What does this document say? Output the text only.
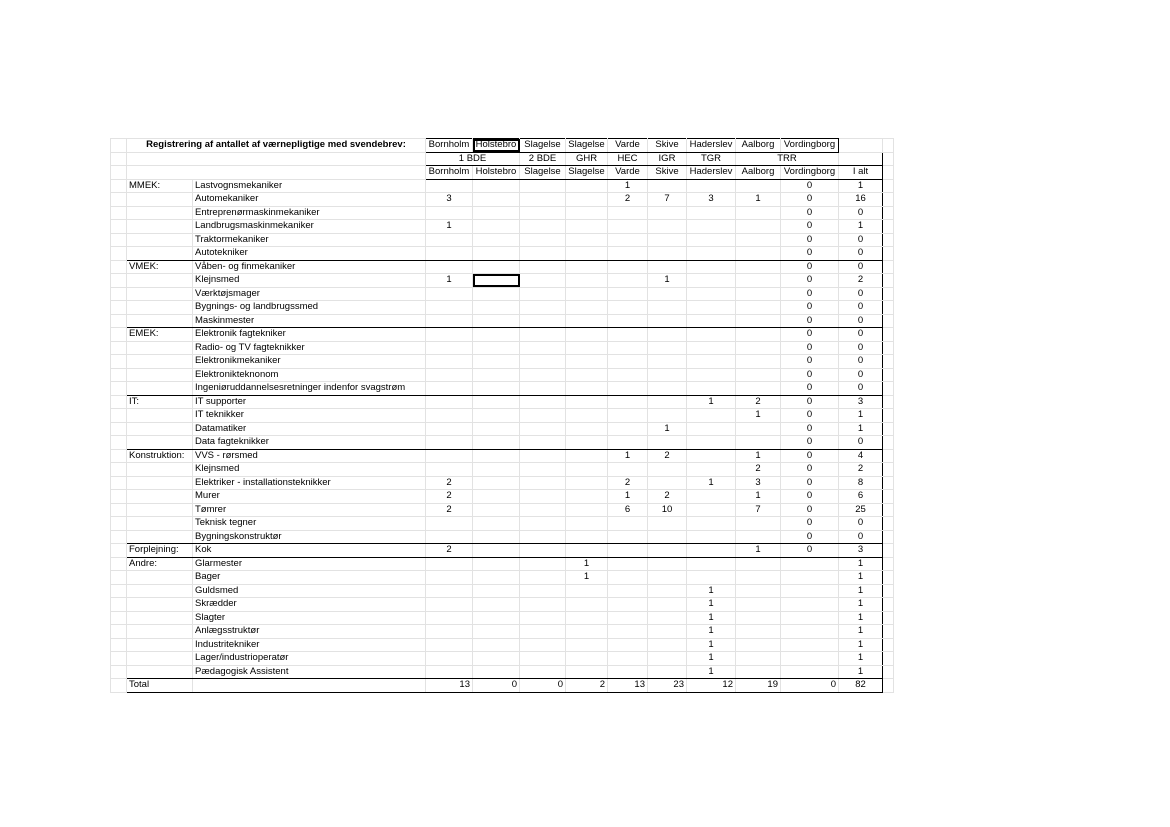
	Registrering af antallet af værnepligtige med svendebrev:		Bornholm	Holstebro	Slagelse	Slagelse	Varde	Skive	Haderslev	Aalborg	Vordingborg		
			1 BDE		2 BDE	GHR	HEC	IGR	TGR	TRR			
			Bornholm	Holstebro	Slagelse	Slagelse	Varde	Skive	Haderslev	Aalborg	Vordingborg	I alt	
	MMEK:	Lastvognsmekaniker					1				0	1	
		Automekaniker	3				2	7	3	1	0	16	
		Entreprenørmaskinmekaniker									0	0	
		Landbrugsmaskinmekaniker	1								0	1	
		Traktormekaniker									0	0	
		Autotekniker									0	0	
	VMEK:	Våben- og finmekaniker									0	0	
		Klejnsmed	1					1			0	2	
		Værktøjsmager									0	0	
		Bygnings- og landbrugssmed									0	0	
		Maskinmester									0	0	
	EMEK:	Elektronik fagtekniker									0	0	
		Radio- og TV fagteknikker									0	0	
		Elektronikmekaniker									0	0	
		Elektronikteknonom									0	0	
		Ingeniøruddannelsesretninger indenfor svagstrøm									0	0	
	IT:	IT supporter							1	2	0	3	
		IT teknikker								1	0	1	
		Datamatiker						1			0	1	
		Data fagteknikker									0	0	
	Konstruktion:	VVS - rørsmed					1	2		1	0	4	
		Klejnsmed								2	0	2	
		Elektriker - installationsteknikker	2				2		1	3	0	8	
		Murer	2				1	2		1	0	6	
		Tømrer	2				6	10		7	0	25	
		Teknisk tegner									0	0	
		Bygningskonstruktør									0	0	
	Forplejning:	Kok	2							1	0	3	
	Andre:	Glarmester				1						1	
		Bager				1						1	
		Guldsmed							1			1	
		Skrædder							1			1	
		Slagter							1			1	
		Anlægsstruktør							1			1	
		Industritekniker							1			1	
		Lager/industrioperatør							1			1	
		Pædagogisk Assistent							1			1	
	Total		13	0	0	2	13	23	12	19	0	82	
